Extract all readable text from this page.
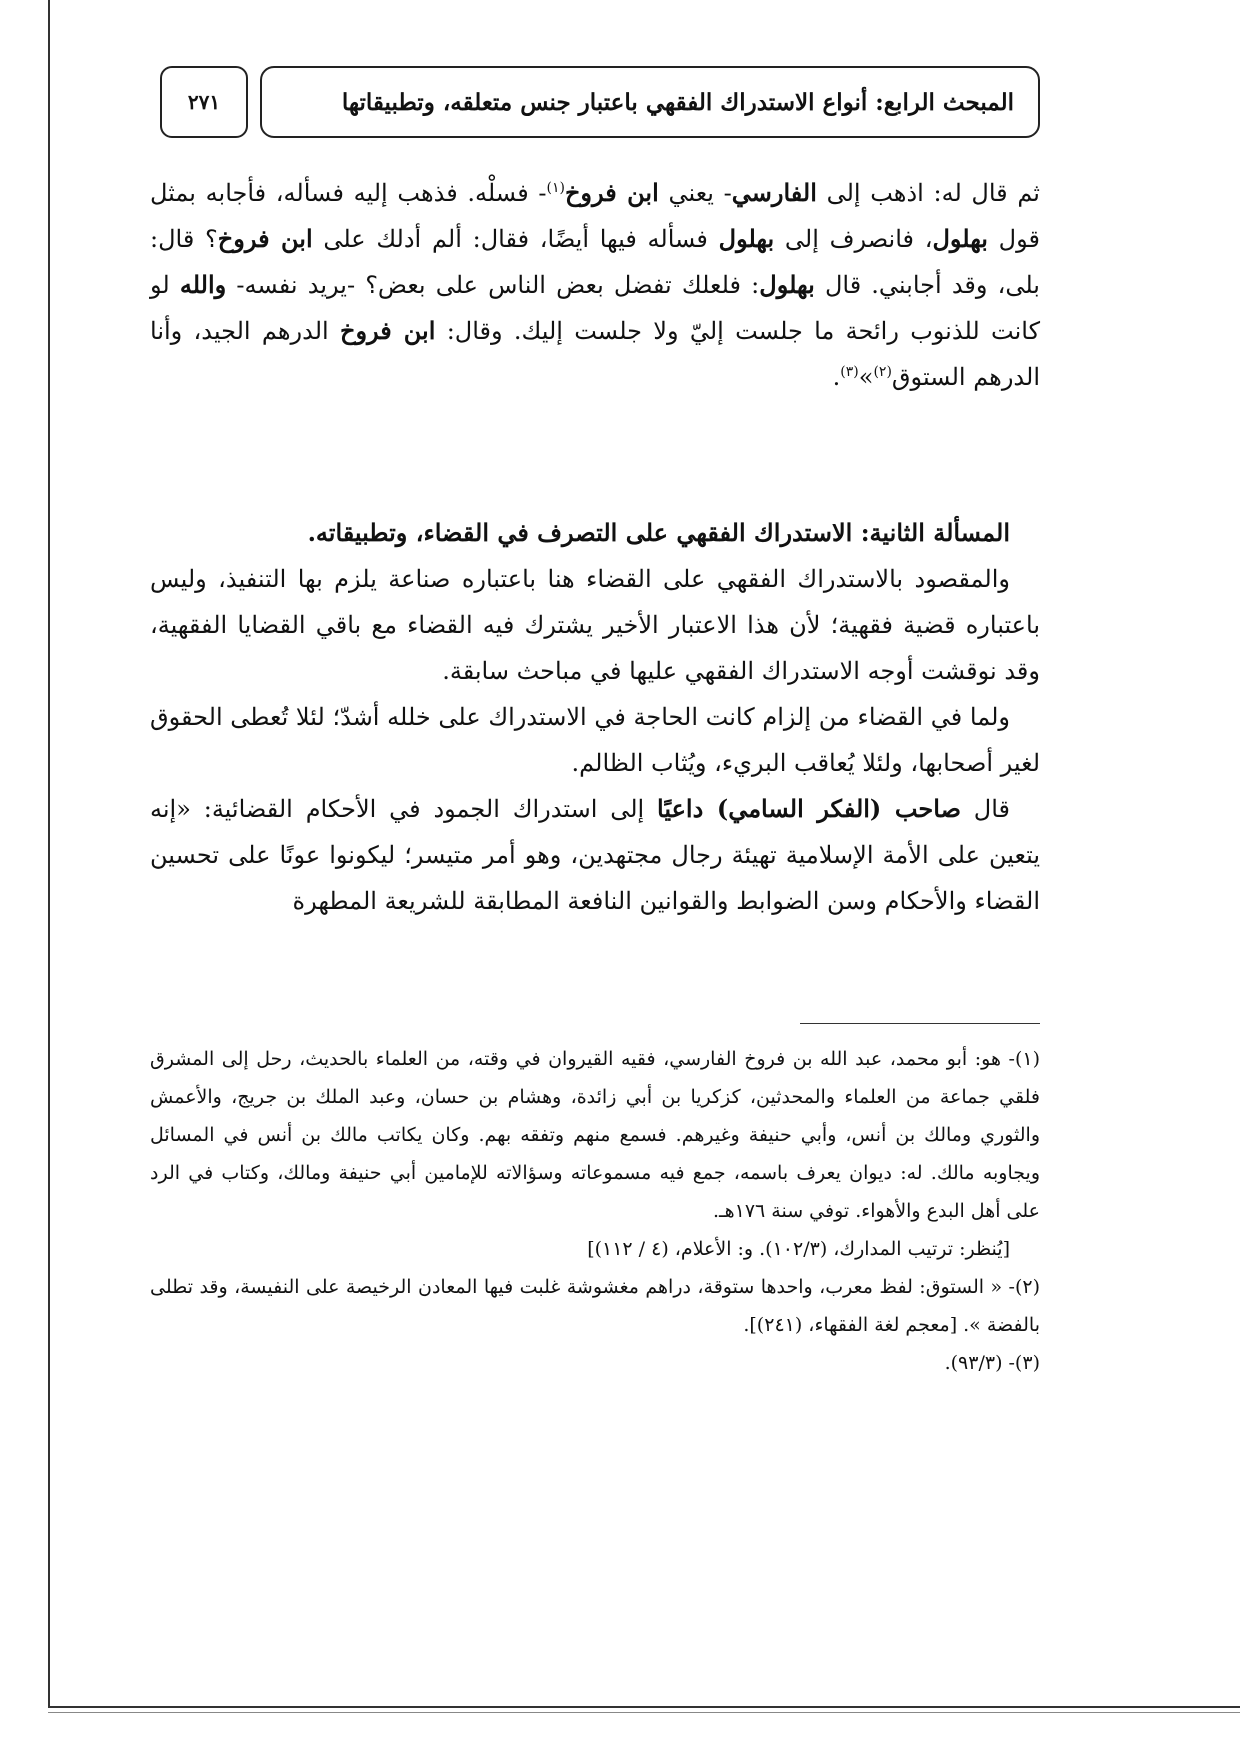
٢٧١	المبحث الرابع: أنواع الاستدراك الفقهي باعتبار جنس متعلقه، وتطبيقاتها

ثم قال له: اذهب إلى الفارسي- يعني ابن فروخ$^{(١)}$- فسلْه. فذهب إليه فسأله، فأجابه بمثل قول بهلول، فانصرف إلى بهلول فسأله فيها أيضًا، فقال: ألم أدلك على ابن فروخ؟ قال: بلى، وقد أجابني. قال بهلول: فلعلك تفضل بعض الناس على بعض؟ -يريد نفسه- والله لو كانت للذنوب رائحة ما جلست إليّ ولا جلست إليك. وقال: ابن فروخ الدرهم الجيد، وأنا الدرهم الستوق$^{(٢)}$»$^{(٣)}$.

المسألة الثانية: الاستدراك الفقهي على التصرف في القضاء، وتطبيقاته.

والمقصود بالاستدراك الفقهي على القضاء هنا باعتباره صناعة يلزم بها التنفيذ، وليس باعتباره قضية فقهية؛ لأن هذا الاعتبار الأخير يشترك فيه القضاء مع باقي القضايا الفقهية، وقد نوقشت أوجه الاستدراك الفقهي عليها في مباحث سابقة.

ولما في القضاء من إلزام كانت الحاجة في الاستدراك على خلله أشدّ؛ لئلا تُعطى الحقوق لغير أصحابها، ولئلا يُعاقب البريء، ويُثاب الظالم.

قال صاحب (الفكر السامي) داعيًا إلى استدراك الجمود في الأحكام القضائية: «إنه يتعين على الأمة الإسلامية تهيئة رجال مجتهدين، وهو أمر متيسر؛ ليكونوا عونًا على تحسين القضاء والأحكام وسن الضوابط والقوانين النافعة المطابقة للشريعة المطهرة

(١)- هو: أبو محمد، عبد الله بن فروخ الفارسي، فقيه القيروان في وقته، من العلماء بالحديث، رحل إلى المشرق فلقي جماعة من العلماء والمحدثين، كزكريا بن أبي زائدة، وهشام بن حسان، وعبد الملك بن جريج، والأعمش والثوري ومالك بن أنس، وأبي حنيفة وغيرهم. فسمع منهم وتفقه بهم. وكان يكاتب مالك بن أنس في المسائل ويجاوبه مالك. له: ديوان يعرف باسمه، جمع فيه مسموعاته وسؤالاته للإمامين أبي حنيفة ومالك، وكتاب في الرد على أهل البدع والأهواء. توفي سنة ١٧٦هـ.

[يُنظر: ترتيب المدارك، (١٠٢/٣). و: الأعلام، (٤ / ١١٢)]

(٢)- « الستوق: لفظ معرب، واحدها ستوقة، دراهم مغشوشة غلبت فيها المعادن الرخيصة على النفيسة، وقد تطلى بالفضة ». [معجم لغة الفقهاء، (٢٤١)].

(٣)- (٩٣/٣).
